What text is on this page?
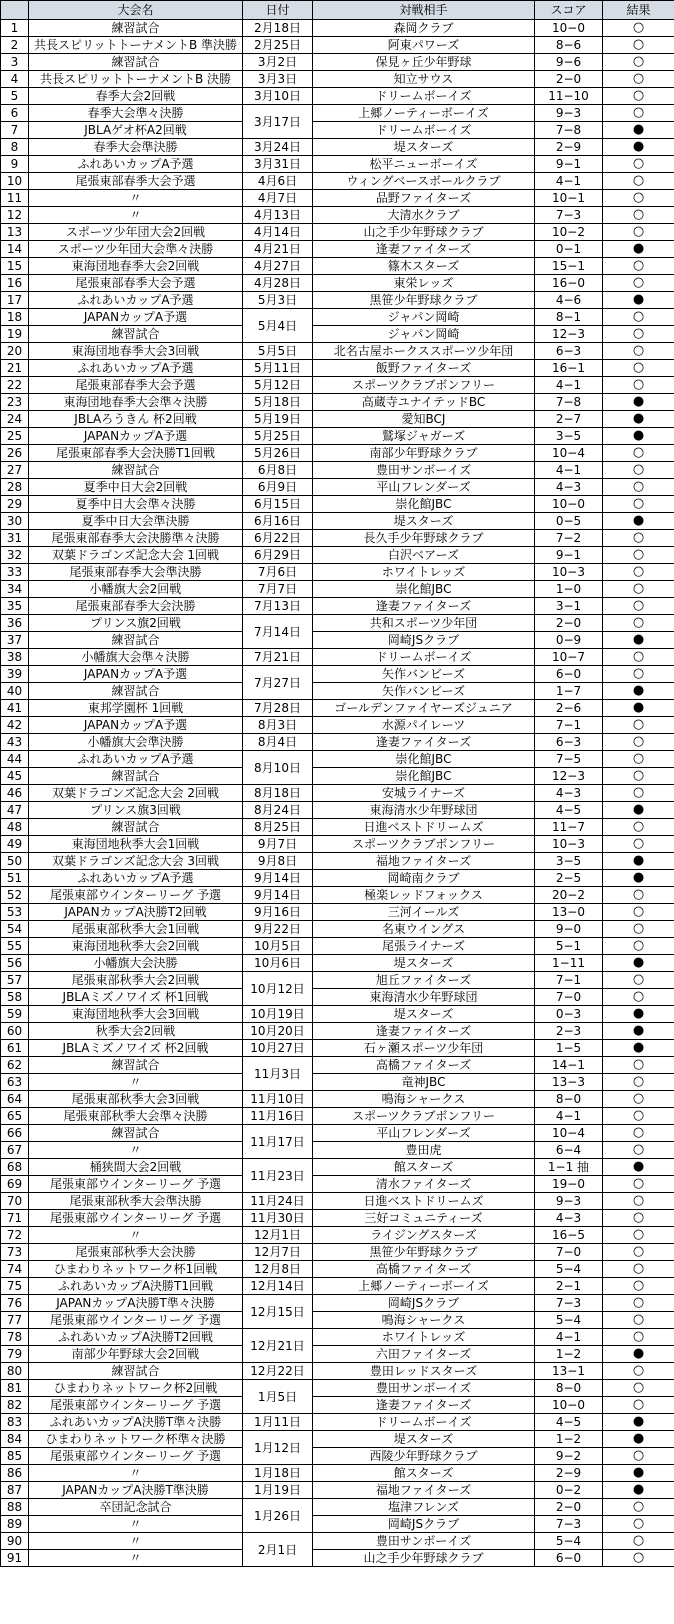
	大会名	日付	対戦相手	スコア	結果
1	練習試合	2月18日	森岡クラブ	10−0	○
2	共長スピリットトーナメントB 準決勝	2月25日	阿東パワーズ	8−6	○
3	練習試合	3月2日	保見ヶ丘少年野球	9−6	○
4	共長スピリットトーナメントB 決勝	3月3日	知立サウス	2−0	○
5	春季大会2回戦	3月10日	ドリームボーイズ	11−10	○
6	春季大会準々決勝	3月17日	上郷ノーティーボーイズ	9−3	○
7	JBLAゲオ杯A2回戦		ドリームボーイズ	7−8	●
8	春季大会準決勝	3月24日	堤スターズ	2−9	●
9	ふれあいカップA予選	3月31日	松平ニューボーイズ	9−1	○
10	尾張東部春季大会予選	4月6日	ウィングベースボールクラブ	4−1	○
11	〃	4月7日	品野ファイターズ	10−1	○
12	〃	4月13日	大清水クラブ	7−3	○
13	スポーツ少年団大会2回戦	4月14日	山之手少年野球クラブ	10−2	○
14	スポーツ少年団大会準々決勝	4月21日	逢妻ファイターズ	0−1	●
15	東海団地春季大会2回戦	4月27日	篠木スターズ	15−1	○
16	尾張東部春季大会予選	4月28日	東栄レッズ	16−0	○
17	ふれあいカップA予選	5月3日	黒笹少年野球クラブ	4−6	●
18	JAPANカップA予選	5月4日	ジャパン岡崎	8−1	○
19	練習試合		ジャパン岡崎	12−3	○
20	東海団地春季大会3回戦	5月5日	北名古屋ホークススポーツ少年団	6−3	○
21	ふれあいカップA予選	5月11日	飯野ファイターズ	16−1	○
22	尾張東部春季大会予選	5月12日	スポーツクラブボンフリー	4−1	○
23	東海団地春季大会準々決勝	5月18日	高蔵寺ユナイテッドBC	7−8	●
24	JBLAろうきん 杯2回戦	5月19日	愛知BCJ	2−7	●
25	JAPANカップA予選	5月25日	鷲塚ジャガーズ	3−5	●
26	尾張東部春季大会決勝T1回戦	5月26日	南部少年野球クラブ	10−4	○
27	練習試合	6月8日	豊田サンボーイズ	4−1	○
28	夏季中日大会2回戦	6月9日	平山フレンダーズ	4−3	○
29	夏季中日大会準々決勝	6月15日	崇化館JBC	10−0	○
30	夏季中日大会準決勝	6月16日	堤スターズ	0−5	●
31	尾張東部春季大会決勝準々決勝	6月22日	長久手少年野球クラブ	7−2	○
32	双葉ドラゴンズ記念大会 1回戦	6月29日	白沢ベアーズ	9−1	○
33	尾張東部春季大会準決勝	7月6日	ホワイトレッズ	10−3	○
34	小幡旗大会2回戦	7月7日	崇化館JBC	1−0	○
35	尾張東部春季大会決勝	7月13日	逢妻ファイターズ	3−1	○
36	プリンス旗2回戦	7月14日	共和スポーツ少年団	2−0	○
37	練習試合		岡崎JSクラブ	0−9	●
38	小幡旗大会準々決勝	7月21日	ドリームボーイズ	10−7	○
39	JAPANカップA予選	7月27日	矢作バンビーズ	6−0	○
40	練習試合		矢作バンビーズ	1−7	●
41	東邦学園杯 1回戦	7月28日	ゴールデンファイヤーズジュニア	2−6	●
42	JAPANカップA予選	8月3日	水源パイレーツ	7−1	○
43	小幡旗大会準決勝	8月4日	逢妻ファイターズ	6−3	○
44	ふれあいカップA予選	8月10日	崇化館JBC	7−5	○
45	練習試合		崇化館JBC	12−3	○
46	双葉ドラゴンズ記念大会 2回戦	8月18日	安城ライナーズ	4−3	○
47	プリンス旗3回戦	8月24日	東海清水少年野球団	4−5	●
48	練習試合	8月25日	日進ベストドリームズ	11−7	○
49	東海団地秋季大会1回戦	9月7日	スポーツクラブボンフリー	10−3	○
50	双葉ドラゴンズ記念大会 3回戦	9月8日	福地ファイターズ	3−5	●
51	ふれあいカップA予選	9月14日	岡崎南クラブ	2−5	●
52	尾張東部ウインターリーグ 予選	9月14日	極楽レッドフォックス	20−2	○
53	JAPANカップA決勝T2回戦	9月16日	三河イールズ	13−0	○
54	尾張東部秋季大会1回戦	9月22日	名東ウイングス	9−0	○
55	東海団地秋季大会2回戦	10月5日	尾張ライナーズ	5−1	○
56	小幡旗大会決勝	10月6日	堤スターズ	1−11	●
57	尾張東部秋季大会2回戦	10月12日	旭丘ファイターズ	7−1	○
58	JBLAミズノワイズ 杯1回戦		東海清水少年野球団	7−0	○
59	東海団地秋季大会3回戦	10月19日	堤スターズ	0−3	●
60	秋季大会2回戦	10月20日	逢妻ファイターズ	2−3	●
61	JBLAミズノワイズ 杯2回戦	10月27日	石ヶ瀬スポーツ少年団	1−5	●
62	練習試合	11月3日	高橋ファイターズ	14−1	○
63	〃		竜神JBC	13−3	○
64	尾張東部秋季大会3回戦	11月10日	鳴海シャークス	8−0	○
65	尾張東部秋季大会準々決勝	11月16日	スポーツクラブボンフリー	4−1	○
66	練習試合	11月17日	平山フレンダーズ	10−4	○
67	〃		豊田虎	6−4	○
68	桶狭間大会2回戦	11月23日	館スターズ	1−1 抽	●
69	尾張東部ウインターリーグ 予選		清水ファイターズ	19−0	○
70	尾張東部秋季大会準決勝	11月24日	日進ベストドリームズ	9−3	○
71	尾張東部ウインターリーグ 予選	11月30日	三好コミュニティーズ	4−3	○
72	〃	12月1日	ライジングスターズ	16−5	○
73	尾張東部秋季大会決勝	12月7日	黒笹少年野球クラブ	7−0	○
74	ひまわりネットワーク杯1回戦	12月8日	高橋ファイターズ	5−4	○
75	ふれあいカップA決勝T1回戦	12月14日	上郷ノーティーボーイズ	2−1	○
76	JAPANカップA決勝T準々決勝	12月15日	岡崎JSクラブ	7−3	○
77	尾張東部ウインターリーグ 予選		鳴海シャークス	5−4	○
78	ふれあいカップA決勝T2回戦	12月21日	ホワイトレッズ	4−1	○
79	南部少年野球大会2回戦		六田ファイターズ	1−2	●
80	練習試合	12月22日	豊田レッドスターズ	13−1	○
81	ひまわりネットワーク杯2回戦	1月5日	豊田サンボーイズ	8−0	○
82	尾張東部ウインターリーグ 予選		逢妻ファイターズ	10−0	○
83	ふれあいカップA決勝T準々決勝	1月11日	ドリームボーイズ	4−5	●
84	ひまわりネットワーク杯準々決勝	1月12日	堤スターズ	1−2	●
85	尾張東部ウインターリーグ 予選		西陵少年野球クラブ	9−2	○
86	〃	1月18日	館スターズ	2−9	●
87	JAPANカップA決勝T準決勝	1月19日	福地ファイターズ	0−2	●
88	卒団記念試合	1月26日	塩津フレンズ	2−0	○
89	〃		岡崎JSクラブ	7−3	○
90	〃	2月1日	豊田サンボーイズ	5−4	○
91	〃		山之手少年野球クラブ	6−0	○
